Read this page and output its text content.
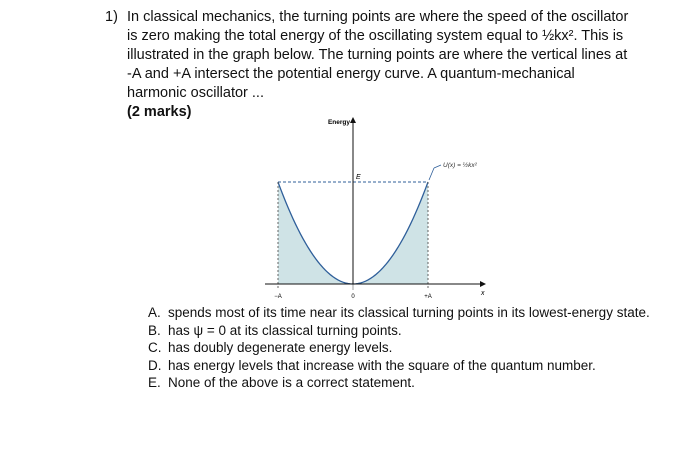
1) In classical mechanics, the turning points are where the speed of the oscillator
is zero making the total energy of the oscillating system equal to ½kx². This is
illustrated in the graph below. The turning points are where the vertical lines at
-A and +A intersect the potential energy curve. A quantum-mechanical
harmonic oscillator ...
(2 marks)
Energy
E
U(x) = ½kx²
−A	0	+A	x
A. spends most of its time near its classical turning points in its lowest-energy state.
B. has ψ = 0 at its classical turning points.
C. has doubly degenerate energy levels.
D. has energy levels that increase with the square of the quantum number.
E. None of the above is a correct statement.
